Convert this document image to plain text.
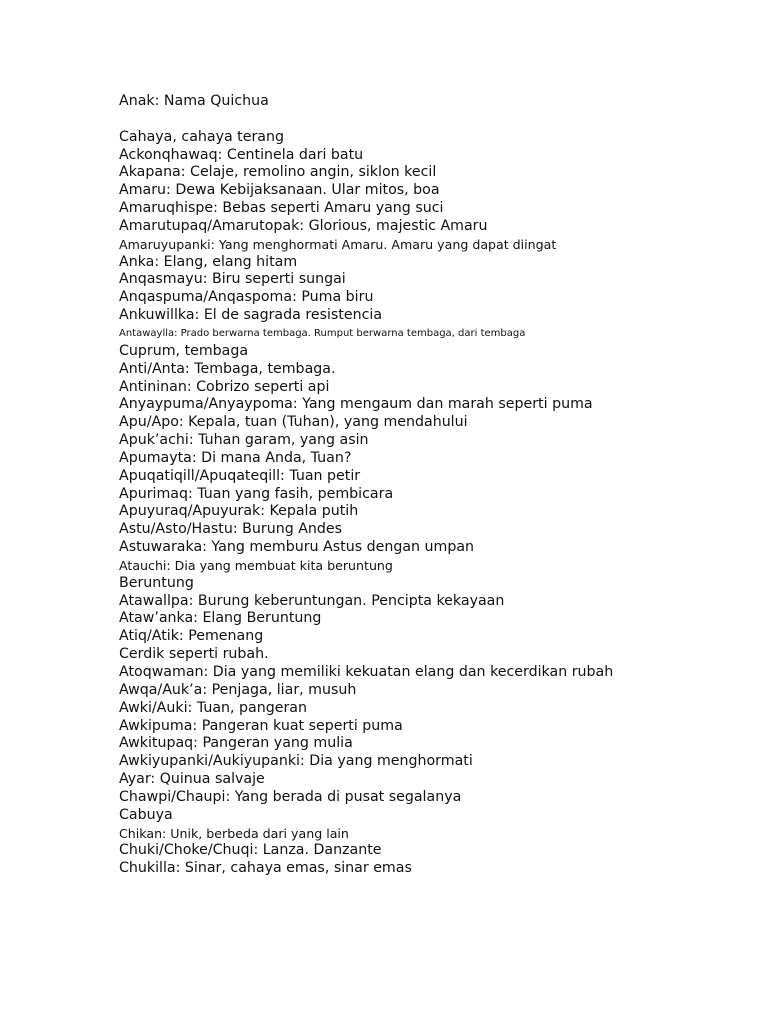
Anak: Nama Quichua
Cahaya, cahaya terang
Ackonqhawaq: Centinela dari batu
Akapana: Celaje, remolino angin, siklon kecil
Amaru: Dewa Kebijaksanaan. Ular mitos, boa
Amaruqhispe: Bebas seperti Amaru yang suci
Amarutupaq/Amarutopak: Glorious, majestic Amaru
Amaruyupanki: Yang menghormati Amaru. Amaru yang dapat diingat
Anka: Elang, elang hitam
Anqasmayu: Biru seperti sungai
Anqaspuma/Anqaspoma: Puma biru
Ankuwillka: El de sagrada resistencia
Antawaylla: Prado berwarna tembaga. Rumput berwarna tembaga, dari tembaga
Cuprum, tembaga
Anti/Anta: Tembaga, tembaga.
Antininan: Cobrizo seperti api
Anyaypuma/Anyaypoma: Yang mengaum dan marah seperti puma
Apu/Apo: Kepala, tuan (Tuhan), yang mendahului
Apuk’achi: Tuhan garam, yang asin
Apumayta: Di mana Anda, Tuan?
Apuqatiqill/Apuqateqill: Tuan petir
Apurimaq: Tuan yang fasih, pembicara
Apuyuraq/Apuyurak: Kepala putih
Astu/Asto/Hastu: Burung Andes
Astuwaraka: Yang memburu Astus dengan umpan
Atauchi: Dia yang membuat kita beruntung
Beruntung
Atawallpa: Burung keberuntungan. Pencipta kekayaan
Ataw’anka: Elang Beruntung
Atiq/Atik: Pemenang
Cerdik seperti rubah.
Atoqwaman: Dia yang memiliki kekuatan elang dan kecerdikan rubah
Awqa/Auk’a: Penjaga, liar, musuh
Awki/Auki: Tuan, pangeran
Awkipuma: Pangeran kuat seperti puma
Awkitupaq: Pangeran yang mulia
Awkiyupanki/Aukiyupanki: Dia yang menghormati
Ayar: Quinua salvaje
Chawpi/Chaupi: Yang berada di pusat segalanya
Cabuya
Chikan: Unik, berbeda dari yang lain
Chuki/Choke/Chuqi: Lanza. Danzante
Chukilla: Sinar, cahaya emas, sinar emas
